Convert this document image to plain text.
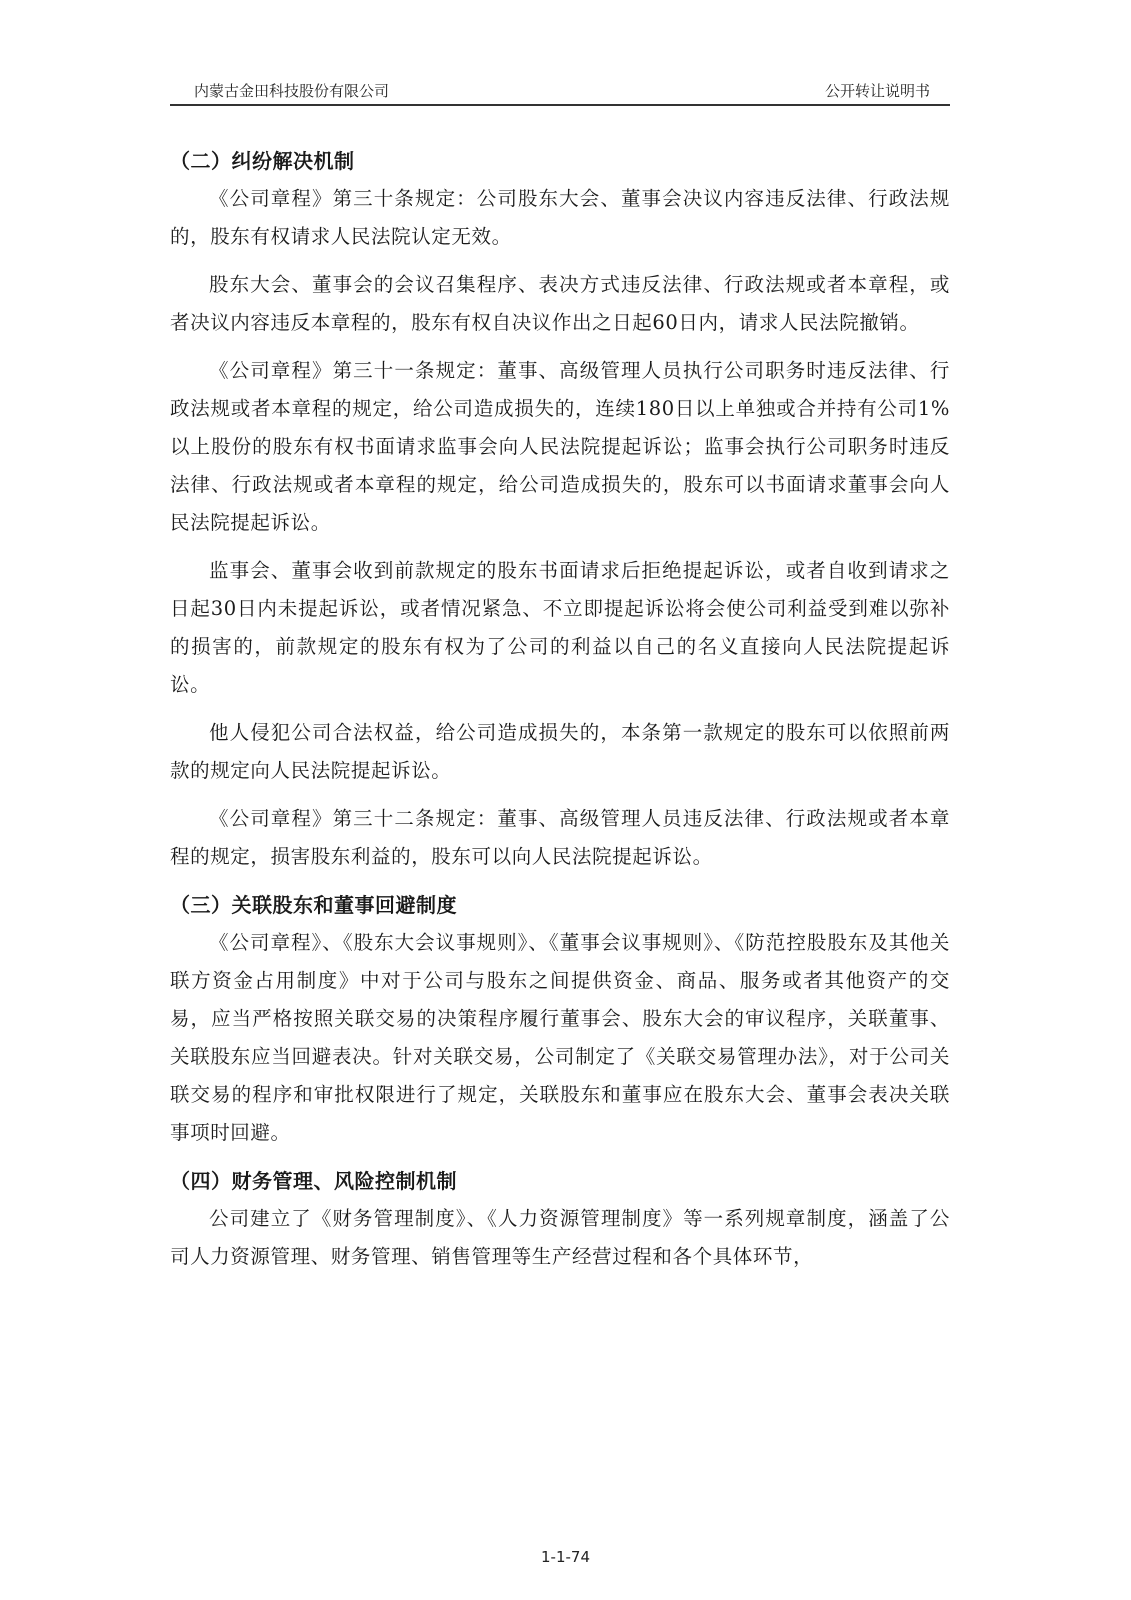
内蒙古金田科技股份有限公司	公开转让说明书
（二）纠纷解决机制

《公司章程》第三十条规定：公司股东大会、董事会决议内容违反法律、行政法规的，股东有权请求人民法院认定无效。

股东大会、董事会的会议召集程序、表决方式违反法律、行政法规或者本章程，或者决议内容违反本章程的，股东有权自决议作出之日起60日内，请求人民法院撤销。

《公司章程》第三十一条规定：董事、高级管理人员执行公司职务时违反法律、行政法规或者本章程的规定，给公司造成损失的，连续180日以上单独或合并持有公司1%以上股份的股东有权书面请求监事会向人民法院提起诉讼；监事会执行公司职务时违反法律、行政法规或者本章程的规定，给公司造成损失的，股东可以书面请求董事会向人民法院提起诉讼。

监事会、董事会收到前款规定的股东书面请求后拒绝提起诉讼，或者自收到请求之日起30日内未提起诉讼，或者情况紧急、不立即提起诉讼将会使公司利益受到难以弥补的损害的，前款规定的股东有权为了公司的利益以自己的名义直接向人民法院提起诉讼。

他人侵犯公司合法权益，给公司造成损失的，本条第一款规定的股东可以依照前两款的规定向人民法院提起诉讼。

《公司章程》第三十二条规定：董事、高级管理人员违反法律、行政法规或者本章程的规定，损害股东利益的，股东可以向人民法院提起诉讼。

（三）关联股东和董事回避制度

《公司章程》、《股东大会议事规则》、《董事会议事规则》、《防范控股股东及其他关联方资金占用制度》中对于公司与股东之间提供资金、商品、服务或者其他资产的交易，应当严格按照关联交易的决策程序履行董事会、股东大会的审议程序，关联董事、关联股东应当回避表决。针对关联交易，公司制定了《关联交易管理办法》，对于公司关联交易的程序和审批权限进行了规定，关联股东和董事应在股东大会、董事会表决关联事项时回避。

（四）财务管理、风险控制机制

公司建立了《财务管理制度》、《人力资源管理制度》等一系列规章制度，涵盖了公司人力资源管理、财务管理、销售管理等生产经营过程和各个具体环节，

1-1-74
